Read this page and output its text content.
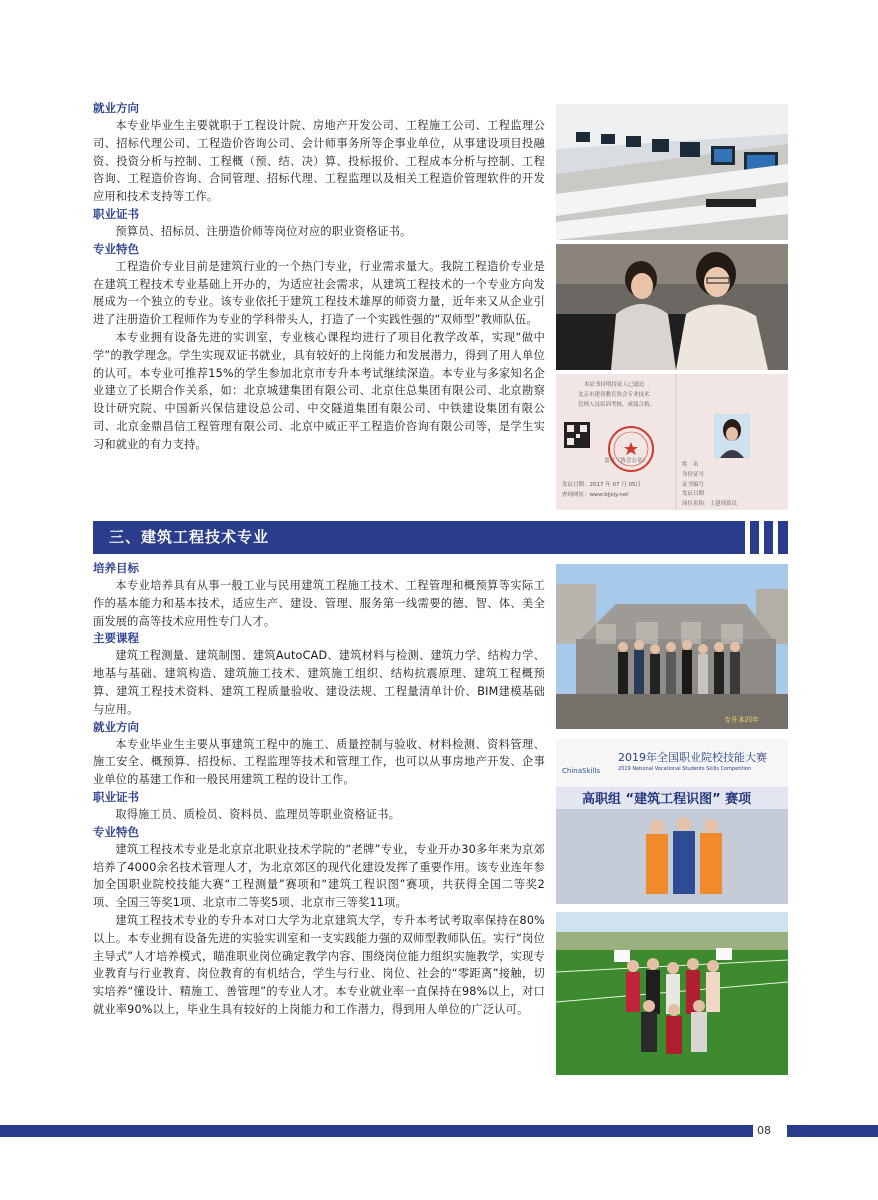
就业方向

本专业毕业生主要就职于工程设计院、房地产开发公司、工程施工公司、工程监理公司、招标代理公司、工程造价咨询公司、会计师事务所等企事业单位，从事建设项目投融资、投资分析与控制、工程概（预、结、决）算、投标报价、工程成本分析与控制、工程咨询、工程造价咨询、合同管理、招标代理、工程监理以及相关工程造价管理软件的开发应用和技术支持等工作。

职业证书

预算员、招标员、注册造价师等岗位对应的职业资格证书。

专业特色

工程造价专业目前是建筑行业的一个热门专业，行业需求量大。我院工程造价专业是在建筑工程技术专业基础上开办的，为适应社会需求，从建筑工程技术的一个专业方向发展成为一个独立的专业。该专业依托于建筑工程技术雄厚的师资力量，近年来又从企业引进了注册造价工程师作为专业的学科带头人，打造了一个实践性强的“双师型”教师队伍。

本专业拥有设备先进的实训室，专业核心课程均进行了项目化教学改革，实现“做中学”的教学理念。学生实现双证书就业，具有较好的上岗能力和发展潜力，得到了用人单位的认可。本专业可推荐15%的学生参加北京市专升本考试继续深造。本专业与多家知名企业建立了长期合作关系，如：北京城建集团有限公司、北京住总集团有限公司、北京勘察设计研究院、中国新兴保信建设总公司、中交隧道集团有限公司、中铁建设集团有限公司、北京金鼎昌信工程管理有限公司、北京中威正平工程造价咨询有限公司等，是学生实习和就业的有力支持。

三、建筑工程技术专业
培养目标

本专业培养具有从事一般工业与民用建筑工程施工技术、工程管理和概预算等实际工作的基本能力和基本技术，适应生产、建设、管理、服务第一线需要的德、智、体、美全面发展的高等技术应用性专门人才。

主要课程

建筑工程测量、建筑制图、建筑AutoCAD、建筑材料与检测、建筑力学、结构力学、地基与基础、建筑构造、建筑施工技术、建筑施工组织、结构抗震原理、建筑工程概预算、建筑工程技术资料、建筑工程质量验收、建设法规、工程量清单计价、BIM建模基础与应用。

就业方向

本专业毕业生主要从事建筑工程中的施工、质量控制与验收、材料检测、资料管理、施工安全、概预算、招投标、工程监理等技术和管理工作，也可以从事房地产开发、企事业单位的基建工作和一般民用建筑工程的设计工作。

职业证书

取得施工员、质检员、资料员、监理员等职业资格证书。

专业特色

建筑工程技术专业是北京京北职业技术学院的“老牌”专业，专业开办30多年来为京郊培养了4000余名技术管理人才，为北京郊区的现代化建设发挥了重要作用。该专业连年参加全国职业院校技能大赛“工程测量”赛项和“建筑工程识图”赛项，共获得全国二等奖2项、全国三等奖1项、北京市二等奖5项、北京市三等奖11项。

建筑工程技术专业的专升本对口大学为北京建筑大学，专升本考试考取率保持在80%以上。本专业拥有设备先进的实验实训室和一支实践能力强的双师型教师队伍。实行“岗位主导式”人才培养模式，瞄准职业岗位确定教学内容、围绕岗位能力组织实施教学，实现专业教育与行业教育、岗位教育的有机结合，学生与行业、岗位、社会的“零距离”接触，切实培养“懂设计、精施工、善管理”的专业人才。本专业就业率一直保持在98%以上，对口就业率90%以上，毕业生具有较好的上岗能力和工作潜力，得到用人单位的广泛认可。

本证书持明持证人已通过
北京市建设教育协会专业技术
管理人员培训考核，成绩合格。
盖章（协会公章）
发证日期：2017 年 07 月 05日
查询网址：www.bjjsjy.net
姓　名
身份证号
证书编号
发证日期
岗位名称：土建预算员
专升本四年
ChinaSkills
2019年全国职业院校技能大赛
2019 National Vocational Students Skills Competition
高职组 “建筑工程识图” 赛项
08
